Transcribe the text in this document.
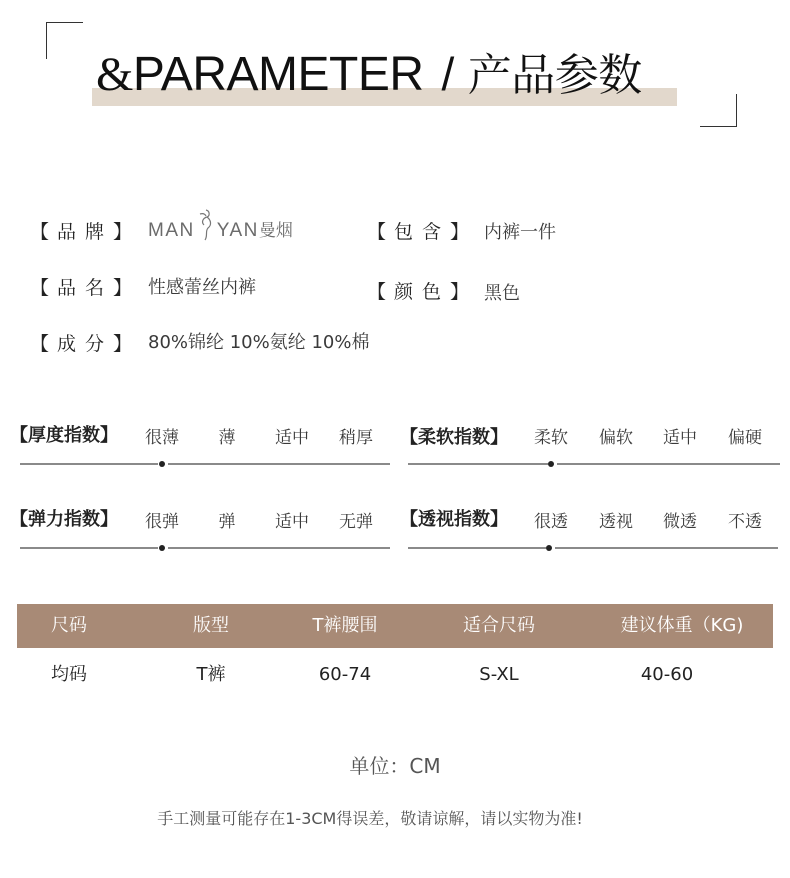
&PARAMETER / 产品参数
【 品牌】 MAN YAN曼烟	【 包含】 内裤一件
【 品名】 性感蕾丝内裤	【 颜色】 黑色
【 成分】 80%锦纶 10%氨纶 10%棉
【厚度指数】	很薄	薄	适中	稍厚	【柔软指数】	柔软	偏软	适中	偏硬
【弹力指数】	很弹	弹	适中	无弹	【透视指数】	很透	透视	微透	不透
尺码	版型	T裤腰围	适合尺码	建议体重（KG)
均码	T裤	60-74	S-XL	40-60
单位：CM
手工测量可能存在1-3CM得误差，敬请谅解，请以实物为准!
